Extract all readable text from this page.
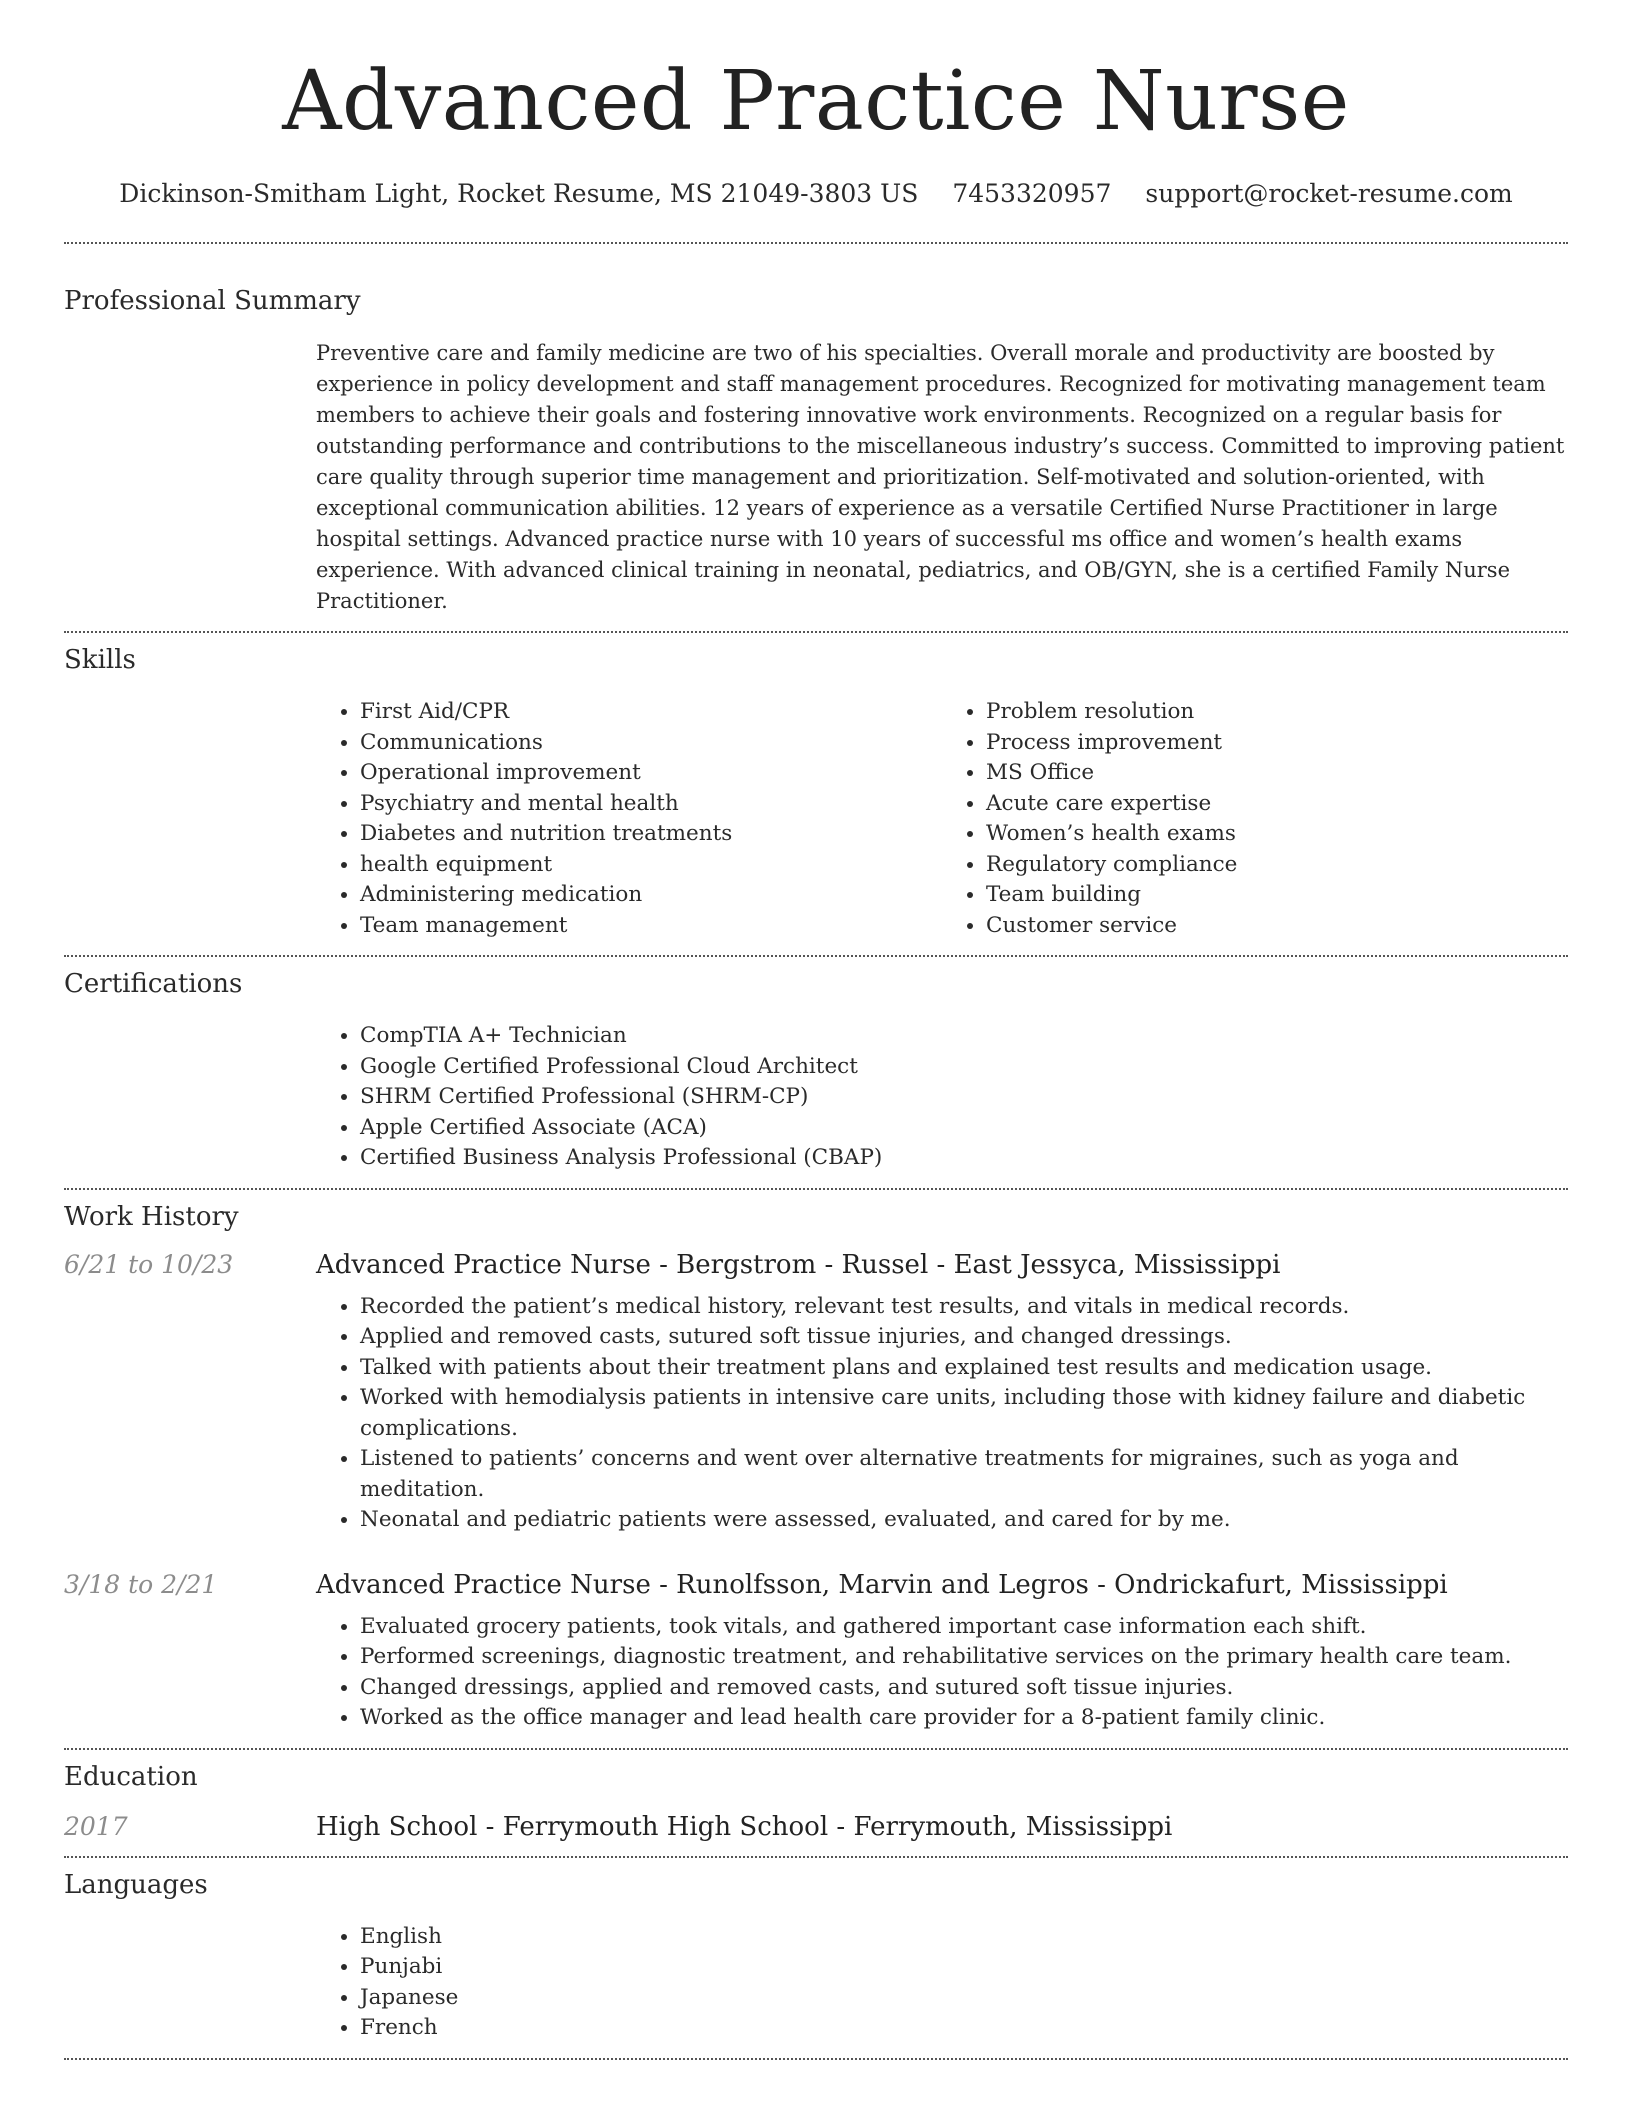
Advanced Practice Nurse
Dickinson-Smitham Light, Rocket Resume, MS 21049-3803 US 7453320957 support@rocket-resume.com
Professional Summary

Preventive care and family medicine are two of his specialties. Overall morale and productivity are boosted by experience in policy development and staff management procedures. Recognized for motivating management team members to achieve their goals and fostering innovative work environments. Recognized on a regular basis for outstanding performance and contributions to the miscellaneous industry’s success. Committed to improving patient care quality through superior time management and prioritization. Self-motivated and solution-oriented, with exceptional communication abilities. 12 years of experience as a versatile Certified Nurse Practitioner in large hospital settings. Advanced practice nurse with 10 years of successful ms office and women’s health exams experience. With advanced clinical training in neonatal, pediatrics, and OB/GYN, she is a certified Family Nurse Practitioner.

Skills
• First Aid/CPR
• Communications
• Operational improvement
• Psychiatry and mental health
• Diabetes and nutrition treatments
• health equipment
• Administering medication
• Team management
• Problem resolution
• Process improvement
• MS Office
• Acute care expertise
• Women’s health exams
• Regulatory compliance
• Team building
• Customer service
Certifications
• CompTIA A+ Technician
• Google Certified Professional Cloud Architect
• SHRM Certified Professional (SHRM-CP)
• Apple Certified Associate (ACA)
• Certified Business Analysis Professional (CBAP)
Work History
6/21 to 10/23	Advanced Practice Nurse - Bergstrom - Russel - East Jessyca, Mississippi
• Recorded the patient’s medical history, relevant test results, and vitals in medical records.
• Applied and removed casts, sutured soft tissue injuries, and changed dressings.
• Talked with patients about their treatment plans and explained test results and medication usage.
• Worked with hemodialysis patients in intensive care units, including those with kidney failure and diabetic complications.
• Listened to patients’ concerns and went over alternative treatments for migraines, such as yoga and meditation.
• Neonatal and pediatric patients were assessed, evaluated, and cared for by me.
3/18 to 2/21	Advanced Practice Nurse - Runolfsson, Marvin and Legros - Ondrickafurt, Mississippi
• Evaluated grocery patients, took vitals, and gathered important case information each shift.
• Performed screenings, diagnostic treatment, and rehabilitative services on the primary health care team.
• Changed dressings, applied and removed casts, and sutured soft tissue injuries.
• Worked as the office manager and lead health care provider for a 8-patient family clinic.
Education
2017	High School - Ferrymouth High School - Ferrymouth, Mississippi
Languages
• English
• Punjabi
• Japanese
• French
